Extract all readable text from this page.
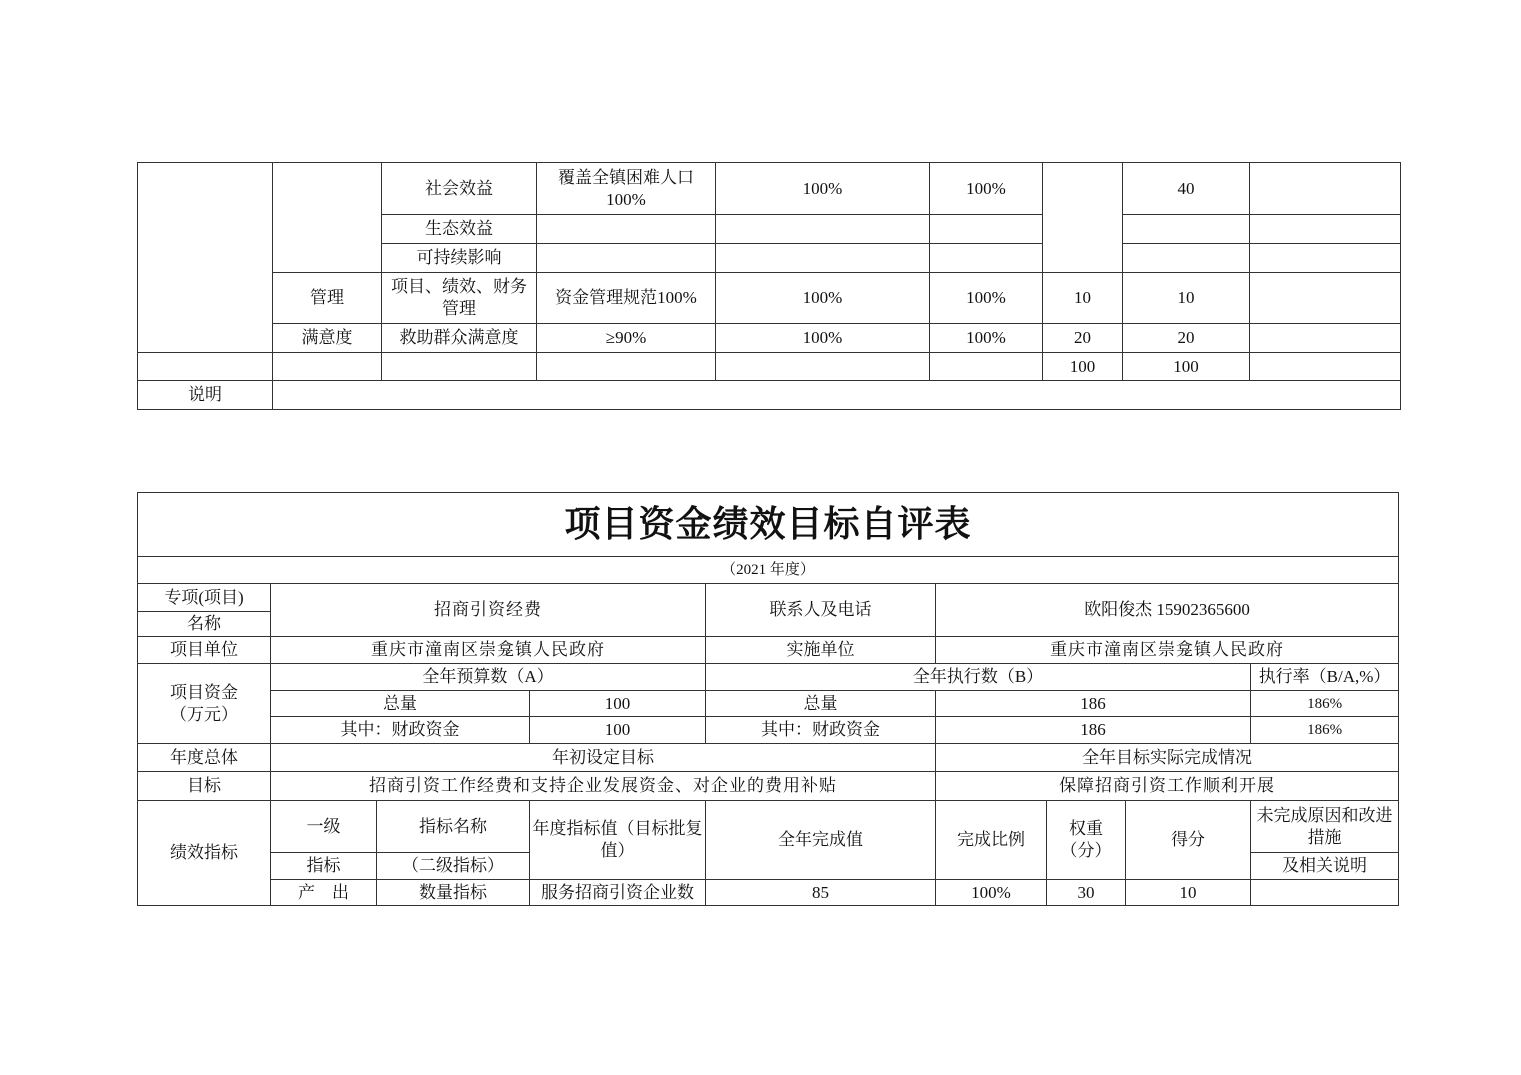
		社会效益	覆盖全镇困难人口100%	100%	100%		40	
		生态效益						
		可持续影响						
	管理	项目、绩效、财务管理	资金管理规范100%	100%	100%	10	10	
	满意度	救助群众满意度	≥90%	100%	100%	20	20	
						100	100	
说明								
项目资金绩效目标自评表								
（2021 年度）								
专项(项目)	招商引资经费			联系人及电话	欧阳俊杰 15902365600			
名称								
项目单位	重庆市潼南区崇龛镇人民政府			实施单位	重庆市潼南区崇龛镇人民政府			

项目资金
（万元）	全年预算数（A）			全年执行数（B）				执行率（B/A,%）
	总量		100	总量	186			186%
	其中：财政资金		100	其中：财政资金	186			186%
年度总体	年初设定目标				全年目标实际完成情况			
目标	招商引资工作经费和支持企业发展资金、对企业的费用补贴				保障招商引资工作顺利开展			
绩效指标	一级	指标名称	年度指标值（目标批复值）	全年完成值	完成比例	权重（分）	得分	未完成原因和改进措施
	指标	（二级指标）						及相关说明
	产　出	数量指标	服务招商引资企业数	85	100%	30	10	
